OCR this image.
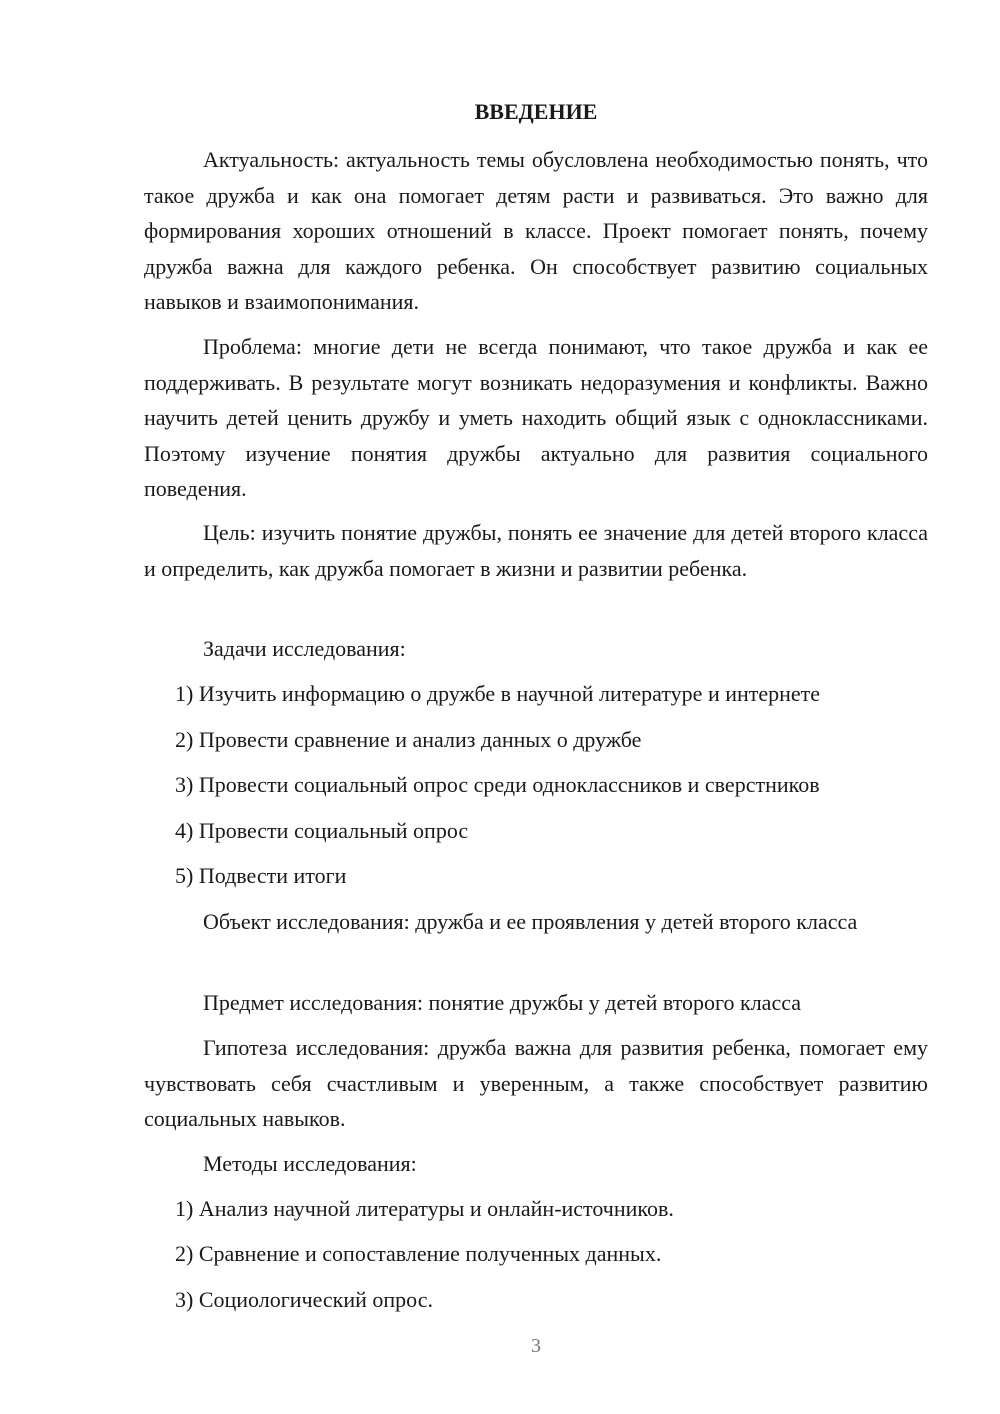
ВВЕДЕНИЕ

Актуальность: актуальность темы обусловлена необходимостью понять, что такое дружба и как она помогает детям расти и развиваться. Это важно для формирования хороших отношений в классе. Проект помогает понять, почему дружба важна для каждого ребенка. Он способствует развитию социальных навыков и взаимопонимания.

Проблема: многие дети не всегда понимают, что такое дружба и как ее поддерживать. В результате могут возникать недоразумения и конфликты. Важно научить детей ценить дружбу и уметь находить общий язык с одноклассниками. Поэтому изучение понятия дружбы актуально для развития социального поведения.

Цель: изучить понятие дружбы, понять ее значение для детей второго класса и определить, как дружба помогает в жизни и развитии ребенка.

Задачи исследования:

1) Изучить информацию о дружбе в научной литературе и интернете

2) Провести сравнение и анализ данных о дружбе

3) Провести социальный опрос среди одноклассников и сверстников

4) Провести социальный опрос

5) Подвести итоги

Объект исследования: дружба и ее проявления у детей второго класса

Предмет исследования: понятие дружбы у детей второго класса

Гипотеза исследования: дружба важна для развития ребенка, помогает ему чувствовать себя счастливым и уверенным, а также способствует развитию социальных навыков.

Методы исследования:

1) Анализ научной литературы и онлайн-источников.

2) Сравнение и сопоставление полученных данных.

3) Социологический опрос.

3
